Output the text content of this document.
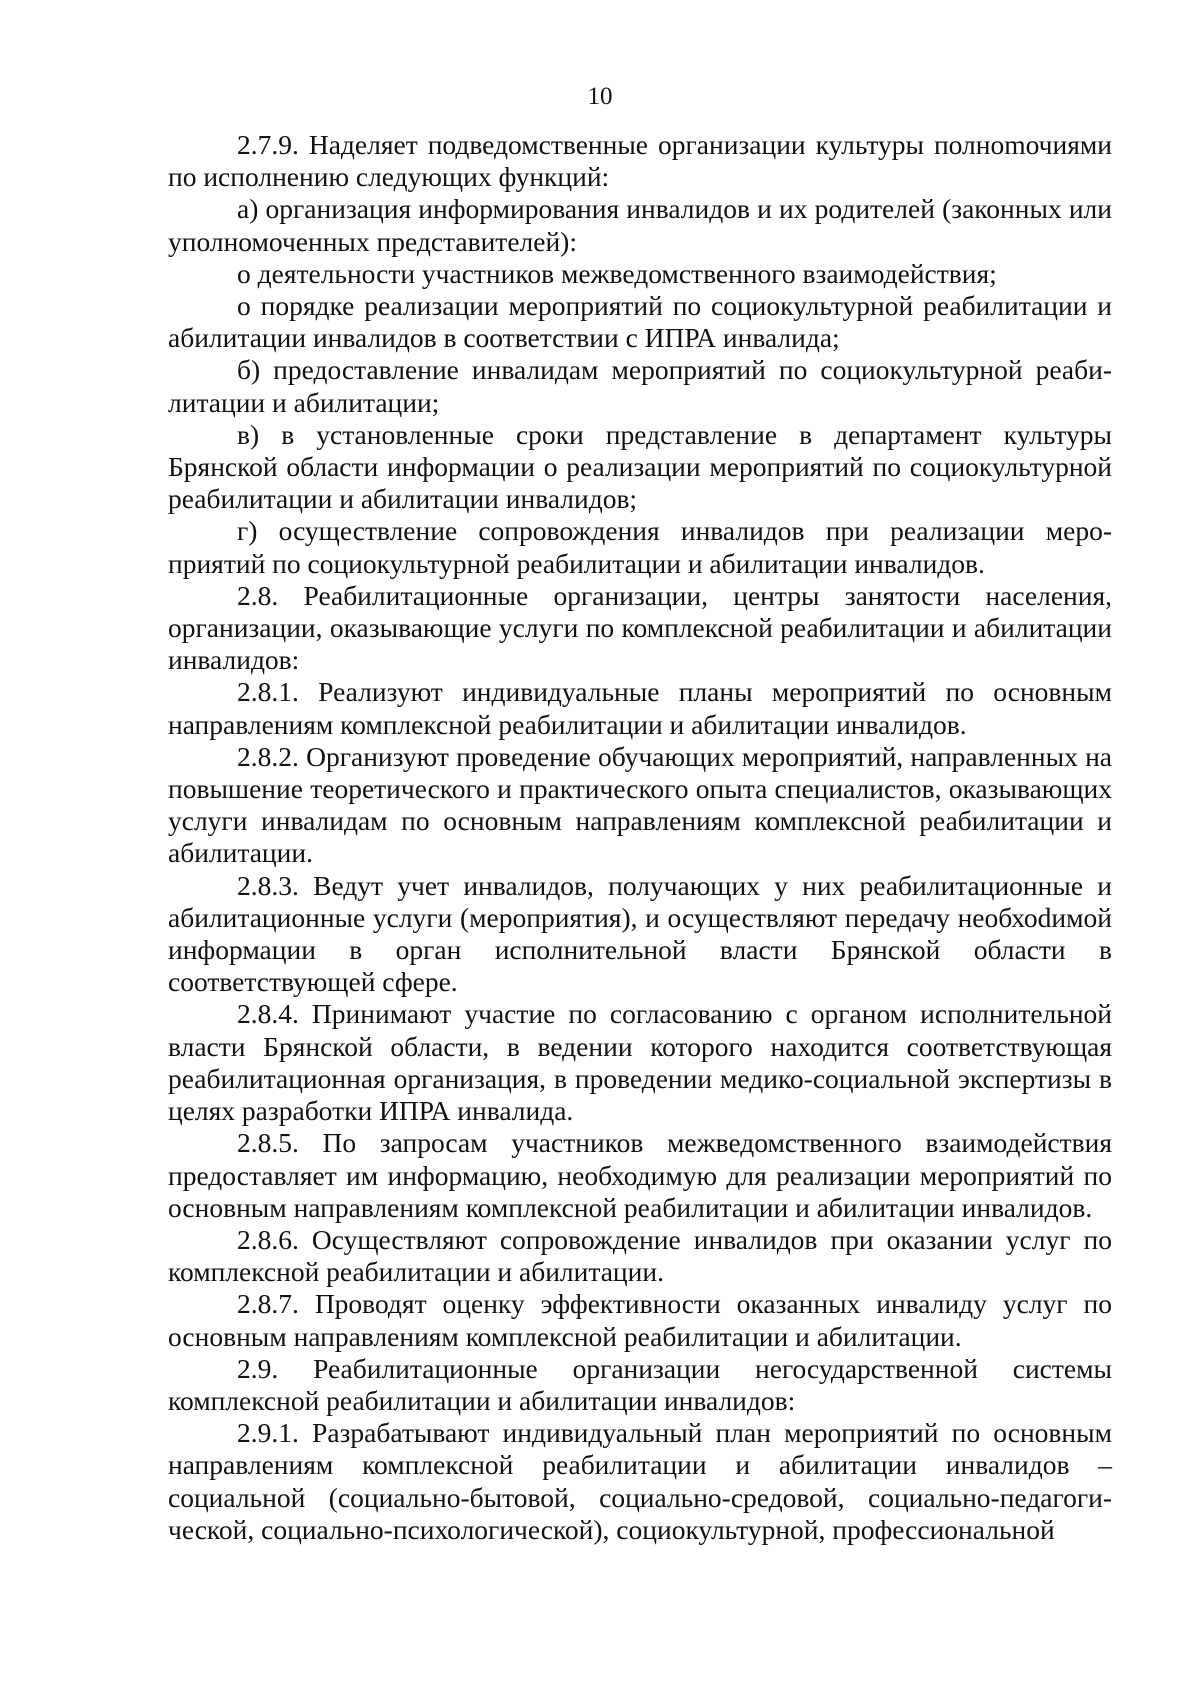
10

2.7.9. Наделяет подведомственные организации культуры полноmочиями по исполнению следующих функций:

а) организация информирования инвалидов и их родителей (законных или уполномоченных представителей):

о деятельности участников межведомственного взаимодействия;

о порядке реализации мероприятий по социокультурной реабилитации и абилитации инвалидов в соответствии с ИПРА инвалида;

б) предоставление инвалидам мероприятий по социокультурной реабилитации и абилитации;

в) в установленные сроки представление в департамент культуры Брянской области информации о реализации мероприятий по социокультурной реабилитации и абилитации инвалидов;

г) осуществление сопровождения инвалидов при реализации мероприятий по социокультурной реабилитации и абилитации инвалидов.

2.8. Реабилитационные организации, центры занятости населения, организации, оказывающие услуги по комплексной реабилитации и абилитации инвалидов:

2.8.1. Реализуют индивидуальные планы мероприятий по основным направлениям комплексной реабилитации и абилитации инвалидов.

2.8.2. Организуют проведение обучающих мероприятий, направленных на повышение теоретического и практического опыта специалистов, оказывающих услуги инвалидам по основным направлениям комплексной реабилитации и абилитации.

2.8.3. Ведут учет инвалидов, получающих у них реабилитационные и абилитационные услуги (мероприятия), и осуществляют передачу необхоdимой информации в орган исполнительной власти Брянской области в соответствующей сфере.

2.8.4. Принимают участие по согласованию с органом исполнительной власти Брянской области, в ведении которого находится соответствующая реабилитационная организация, в проведении медико-социальной экспертизы в целях разработки ИПРА инвалида.

2.8.5. По запросам участников межведомственного взаимодействия предоставляет им информацию, необходимую для реализации мероприятий по основным направлениям комплексной реабилитации и абилитации инвалидов.

2.8.6. Осуществляют сопровождение инвалидов при оказании услуг по комплексной реабилитации и абилитации.

2.8.7. Проводят оценку эффективности оказанных инвалиду услуг по основным направлениям комплексной реабилитации и абилитации.

2.9. Реабилитационные организации негосударственной системы комплексной реабилитации и абилитации инвалидов:

2.9.1. Разрабатывают индивидуальный план мероприятий по основным направлениям комплексной реабилитации и абилитации инвалидов – социальной (социально-бытовой, социально-средовой, социально-педагогической, социально-психологической), социокультурной, профессиональной
